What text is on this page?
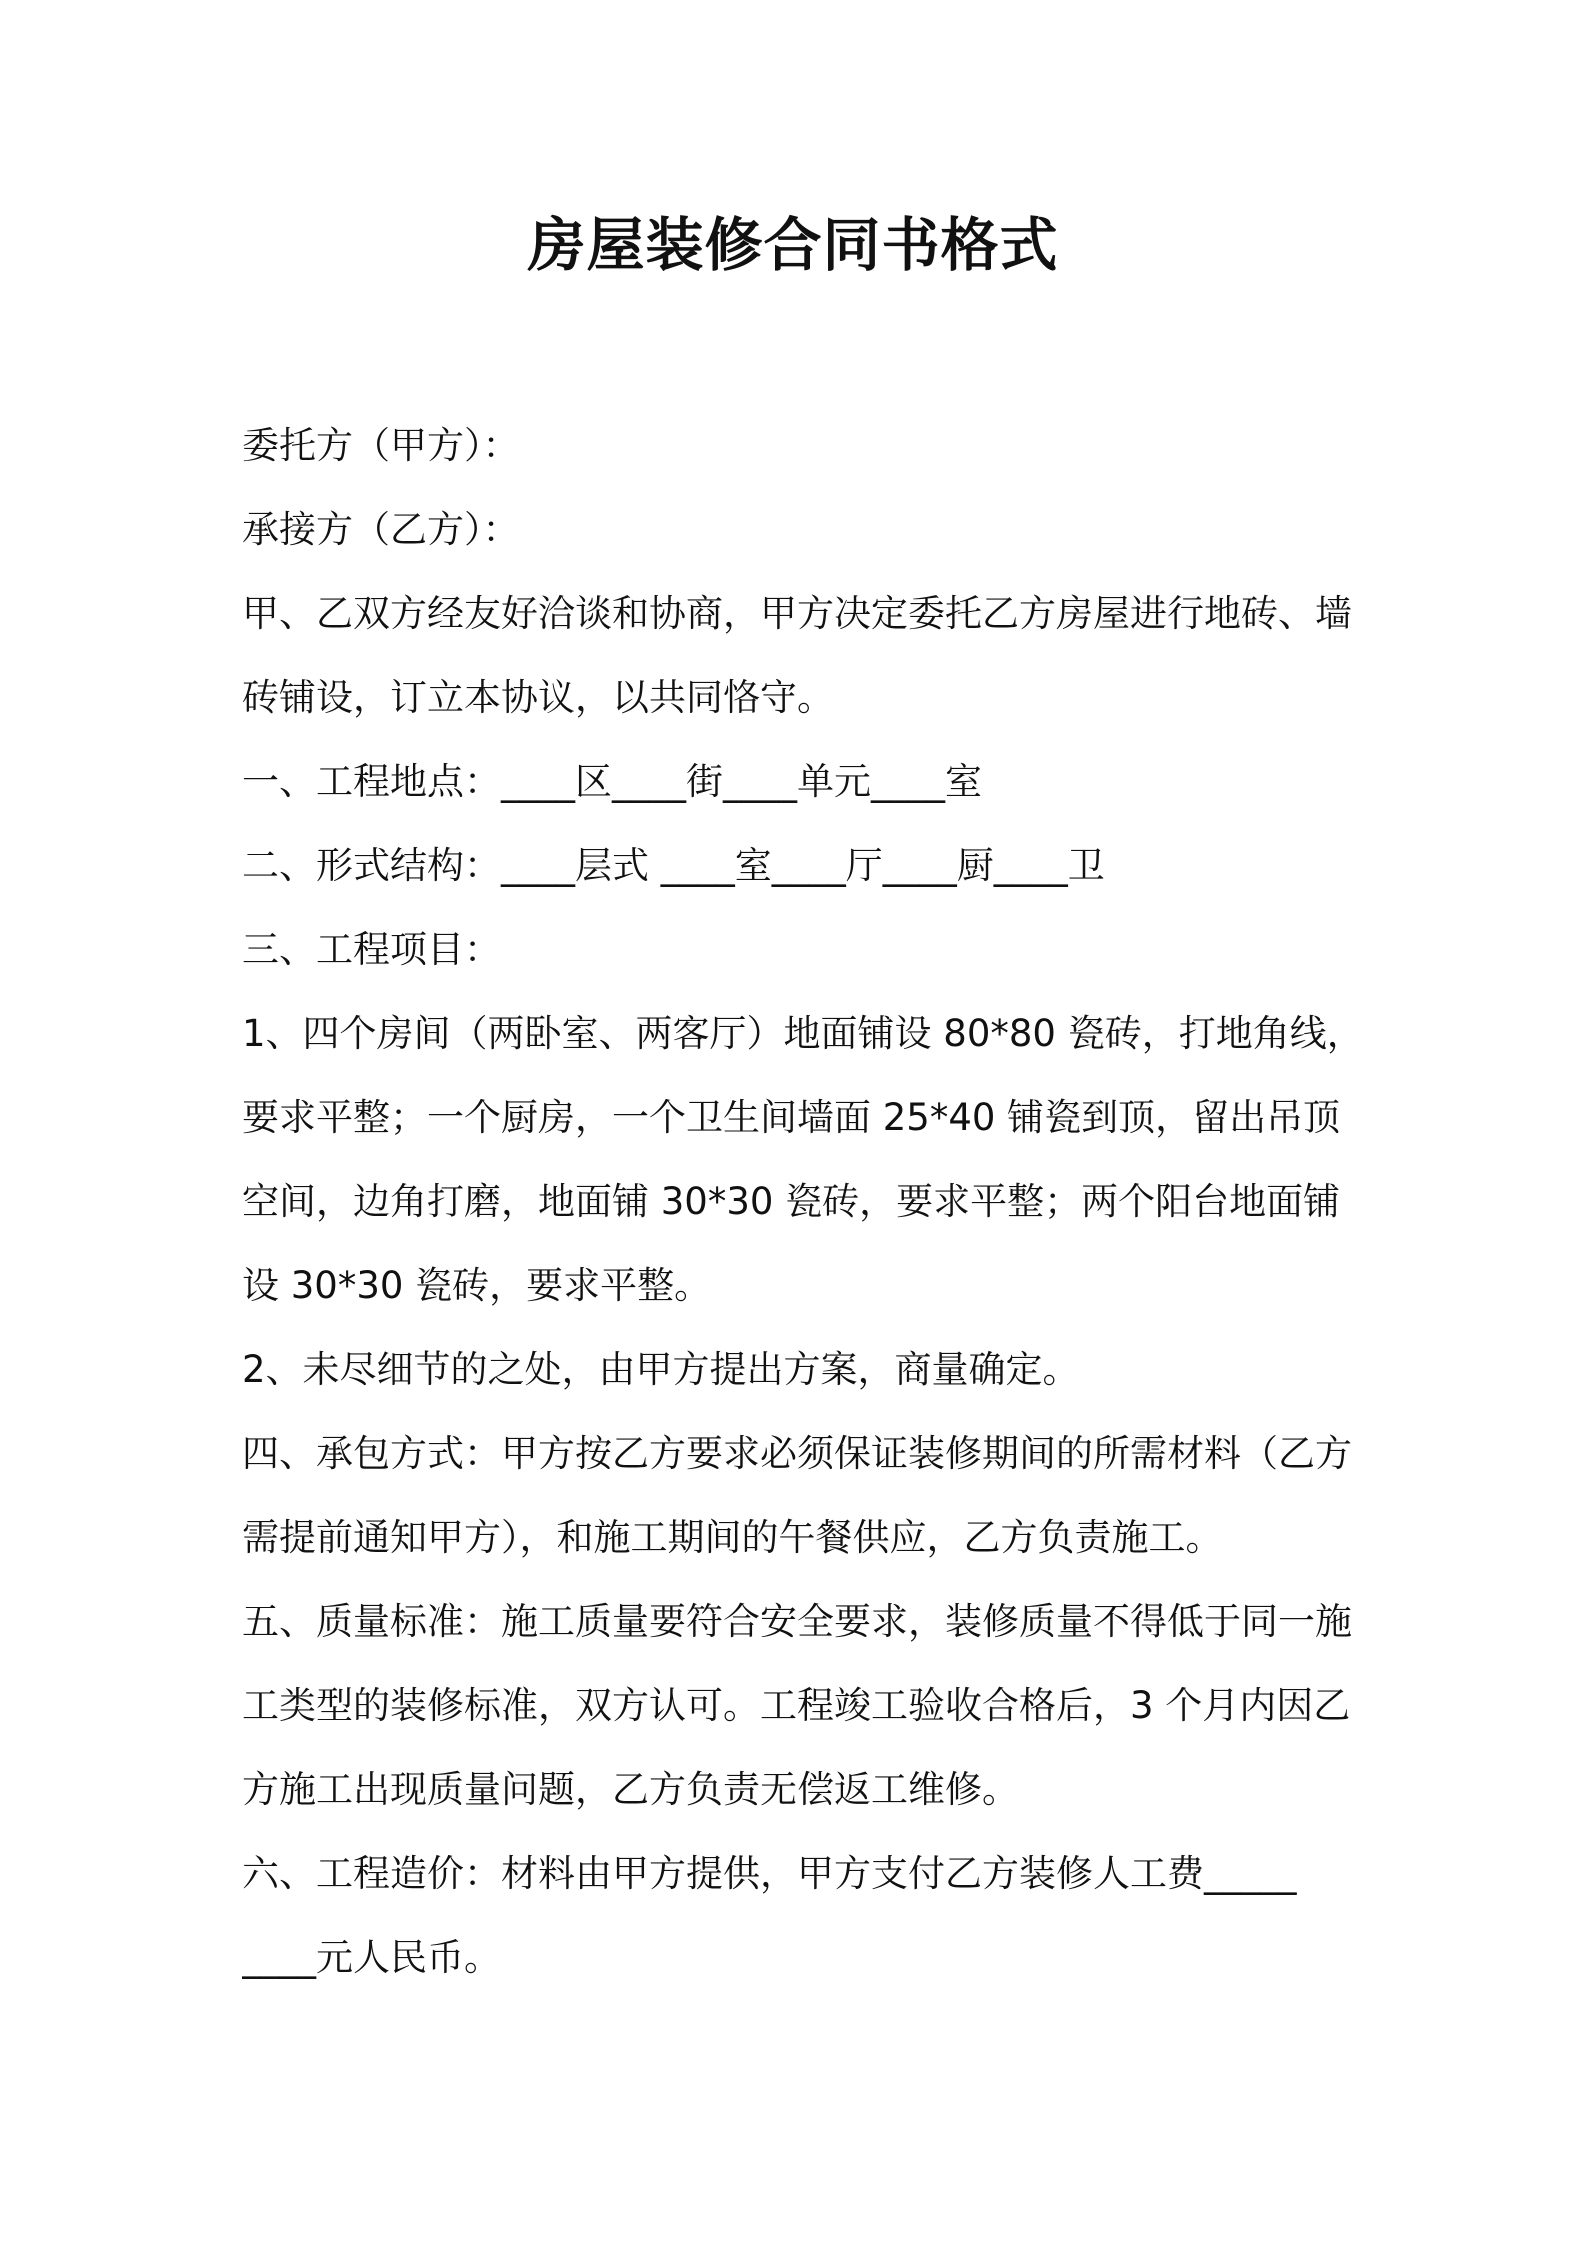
房屋装修合同书格式
委托方（甲方）：
承接方（乙方）：
甲、乙双方经友好洽谈和协商，甲方决定委托乙方房屋进行地砖、墙
砖铺设，订立本协议，以共同恪守。
一、工程地点：____区____街____单元____室
二、形式结构：____层式 ____室____厅____厨____卫
三、工程项目：
1、四个房间（两卧室、两客厅）地面铺设 80*80 瓷砖，打地角线，
要求平整；一个厨房，一个卫生间墙面 25*40 铺瓷到顶，留出吊顶
空间，边角打磨，地面铺 30*30 瓷砖，要求平整；两个阳台地面铺
设 30*30 瓷砖，要求平整。
2、未尽细节的之处，由甲方提出方案，商量确定。
四、承包方式：甲方按乙方要求必须保证装修期间的所需材料（乙方
需提前通知甲方），和施工期间的午餐供应，乙方负责施工。
五、质量标准：施工质量要符合安全要求，装修质量不得低于同一施
工类型的装修标准，双方认可。工程竣工验收合格后，3 个月内因乙
方施工出现质量问题，乙方负责无偿返工维修。
六、工程造价：材料由甲方提供，甲方支付乙方装修人工费_____
____元人民币。
